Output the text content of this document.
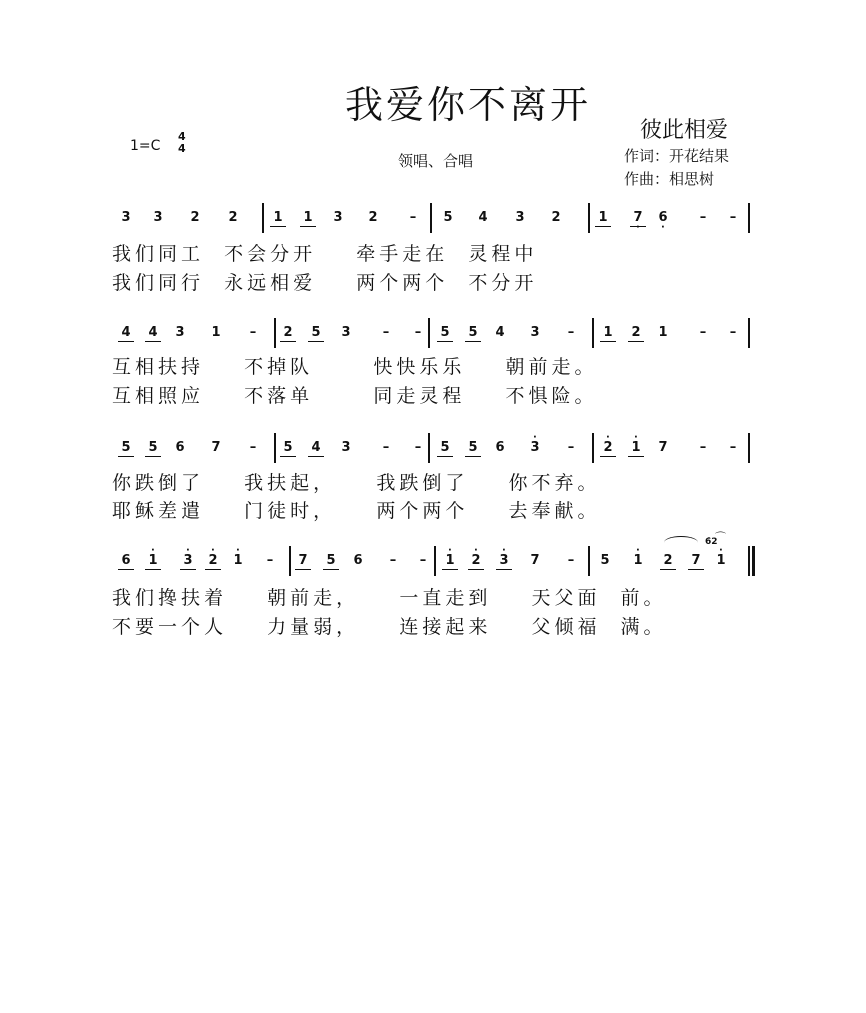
我爱你不离开
彼此相爱
1=C
4
4
领唱、合唱	作词：开花结果
作曲：相思树
3 3 2 2	1 1 3 2	–	5 4 3 2	1 7
·
6
·
–	–
我们同工  不会分开    牵手走在  灵程中
我们同行  永远相爱    两个两个  不分开
4 4 3 1	–	2 5 3	–	–	5 5 4 3	–	1 2 1	–	–
互相扶持    不掉队      快快乐乐    朝前走。
互相照应    不落单      同走灵程    不惧险。
5 5 6 7	–	5 4 3	–	–	5 5 6 3
·
–	2
·
1
·
7	–	–
你跌倒了    我扶起，    我跌倒了    你不弃。
耶稣差遣    门徒时，    两个两个    去奉献。
6 1
·
3
·
2
·
1
·
–	7 5 6	–	–	1
·
2
·
3
·
7	–	5 1
·
2 7 1
·
我们搀扶着    朝前走，    一直走到    天父面  前。
不要一个人    力量弱，    连接起来    父倾福  满。
6̇2
⌒
